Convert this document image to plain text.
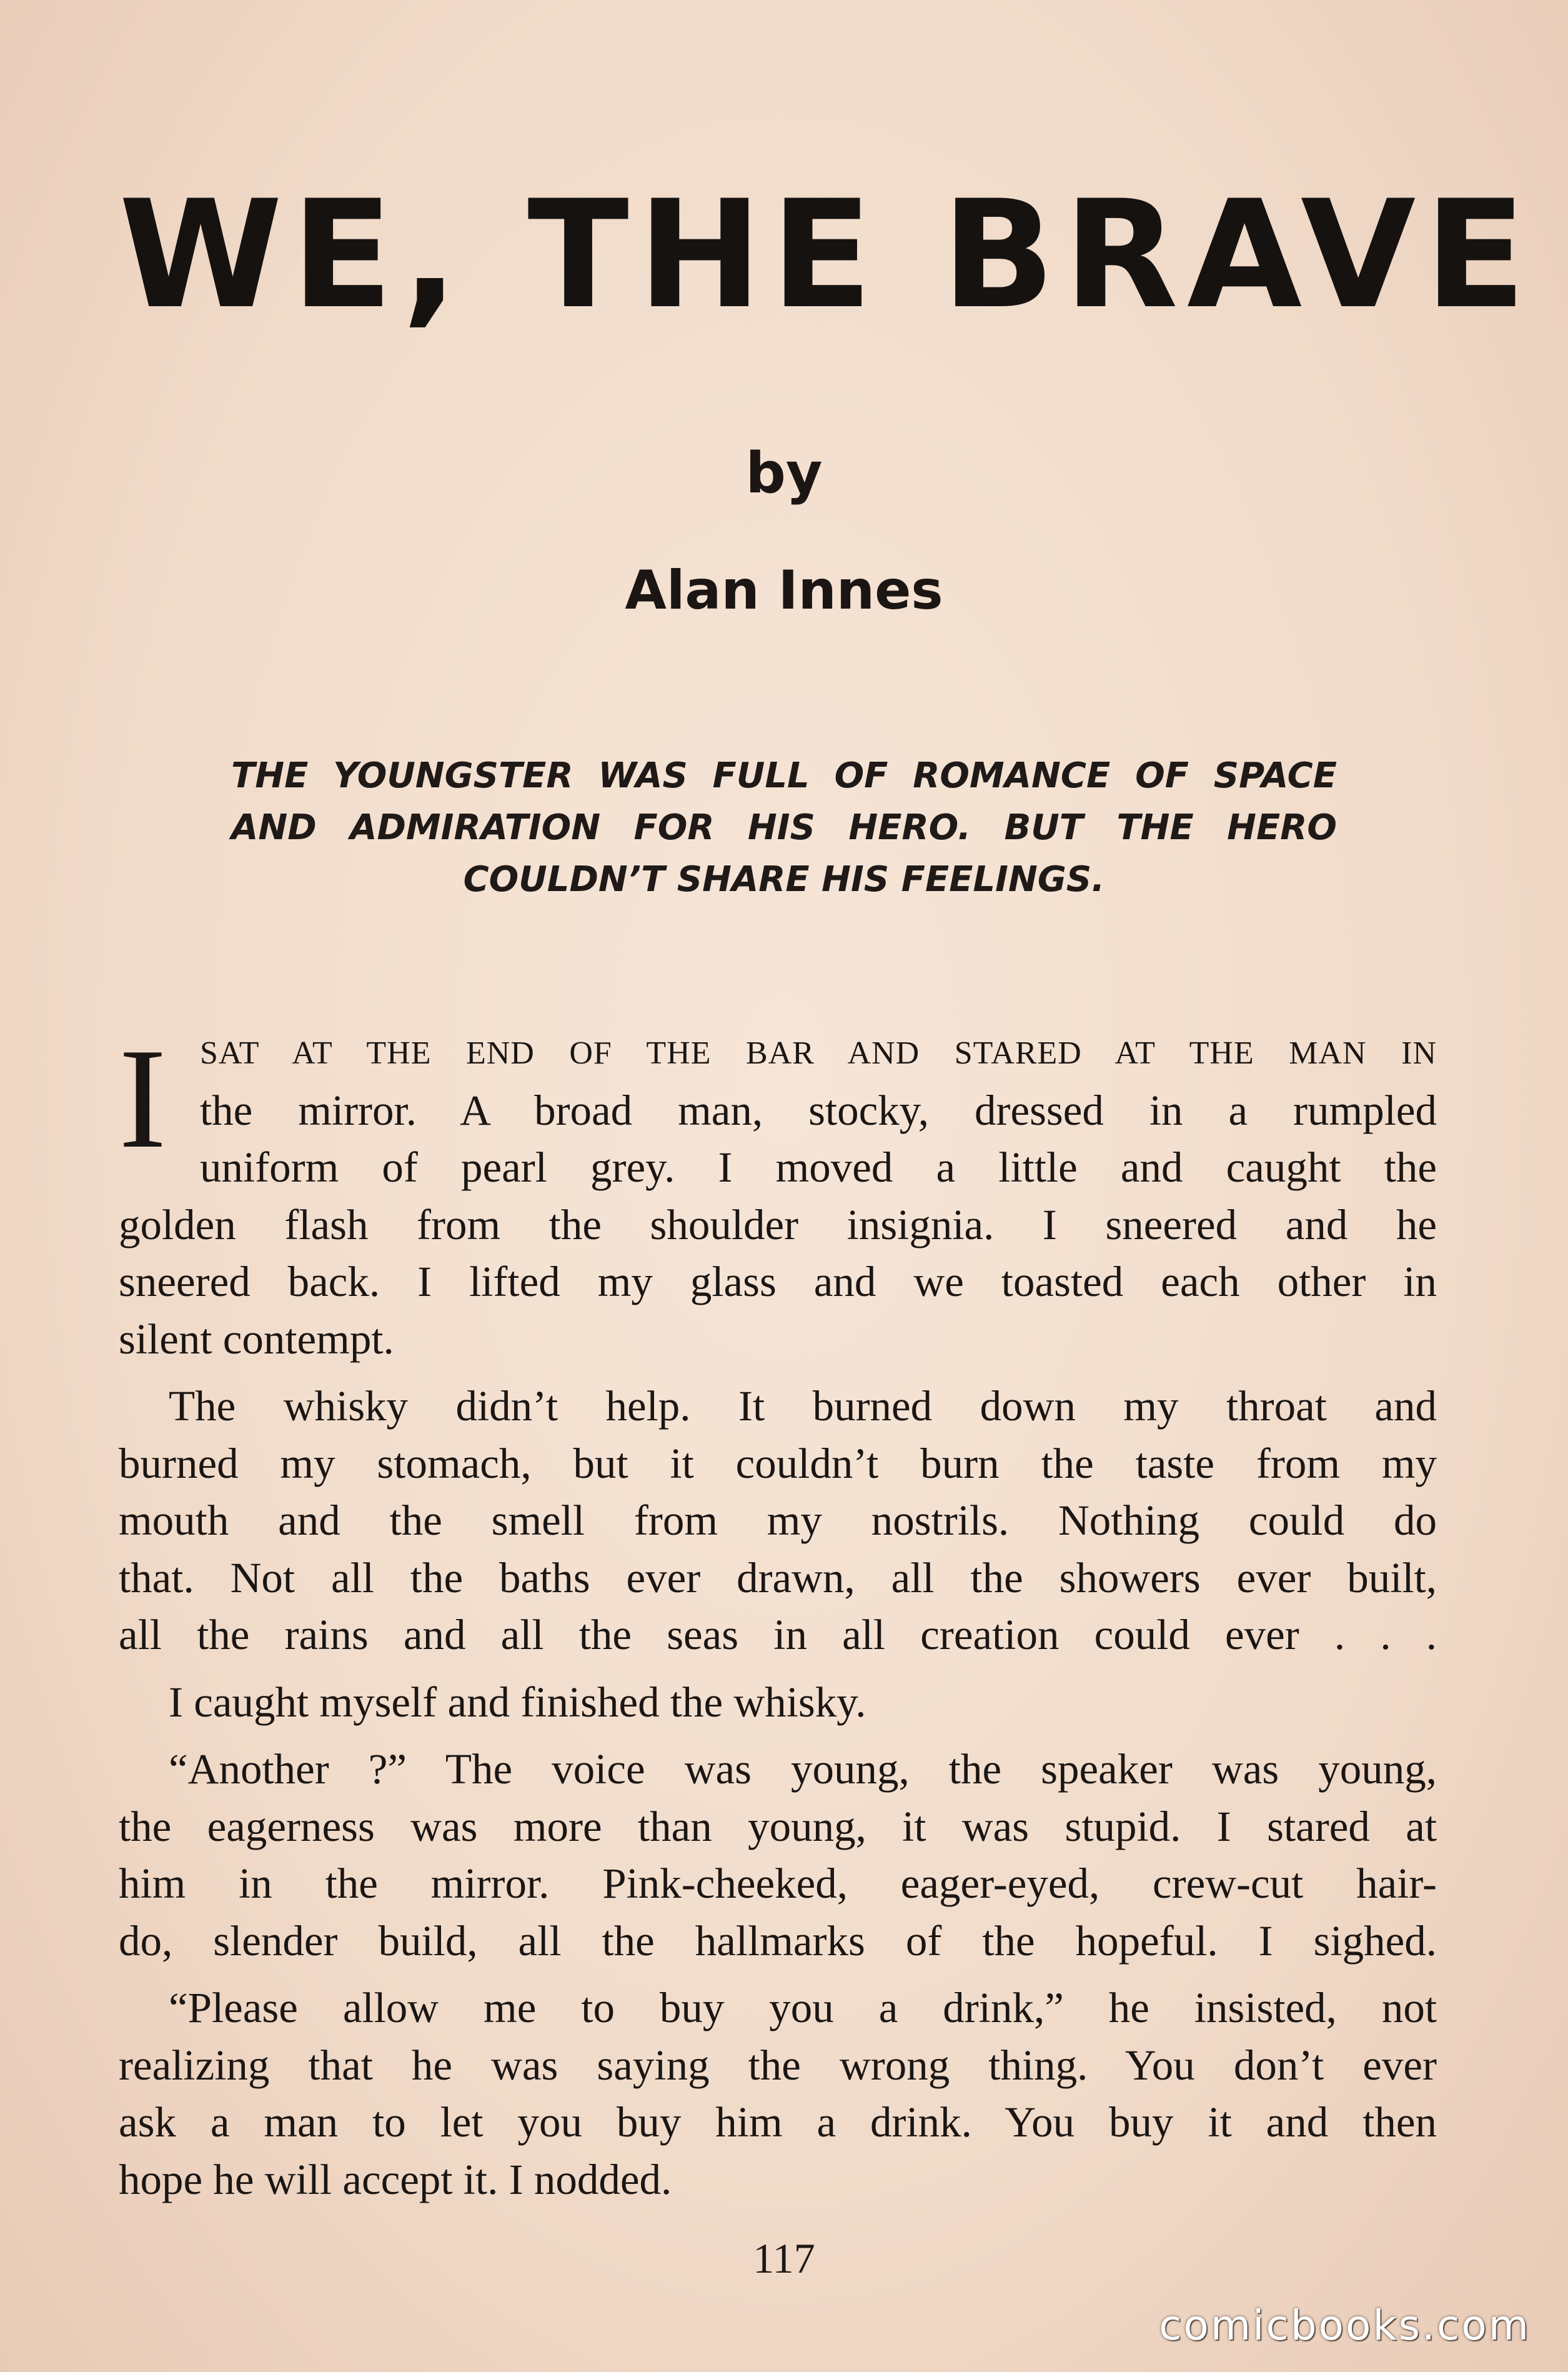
WE, THE BRAVE
by
Alan Innes
THE YOUNGSTER WAS FULL OF ROMANCE OF SPACE
AND ADMIRATION FOR HIS HERO. BUT THE HERO
COULDN’T SHARE HIS FEELINGS.
I	SAT AT THE END OF THE BAR AND STARED AT THE MAN IN
the mirror. A broad man, stocky, dressed in a rumpled
uniform of pearl grey. I moved a little and caught the
golden flash from the shoulder insignia. I sneered and he
sneered back. I lifted my glass and we toasted each other in
silent contempt.
The whisky didn’t help. It burned down my throat and
burned my stomach, but it couldn’t burn the taste from my
mouth and the smell from my nostrils. Nothing could do
that. Not all the baths ever drawn, all the showers ever built,
all the rains and all the seas in all creation could ever . . .
I caught myself and finished the whisky.
“Another ?” The voice was young, the speaker was young,
the eagerness was more than young, it was stupid. I stared at
him in the mirror. Pink-cheeked, eager-eyed, crew-cut hair-
do, slender build, all the hallmarks of the hopeful. I sighed.
“Please allow me to buy you a drink,” he insisted, not
realizing that he was saying the wrong thing. You don’t ever
ask a man to let you buy him a drink. You buy it and then
hope he will accept it. I nodded.
117
comicbooks.com
